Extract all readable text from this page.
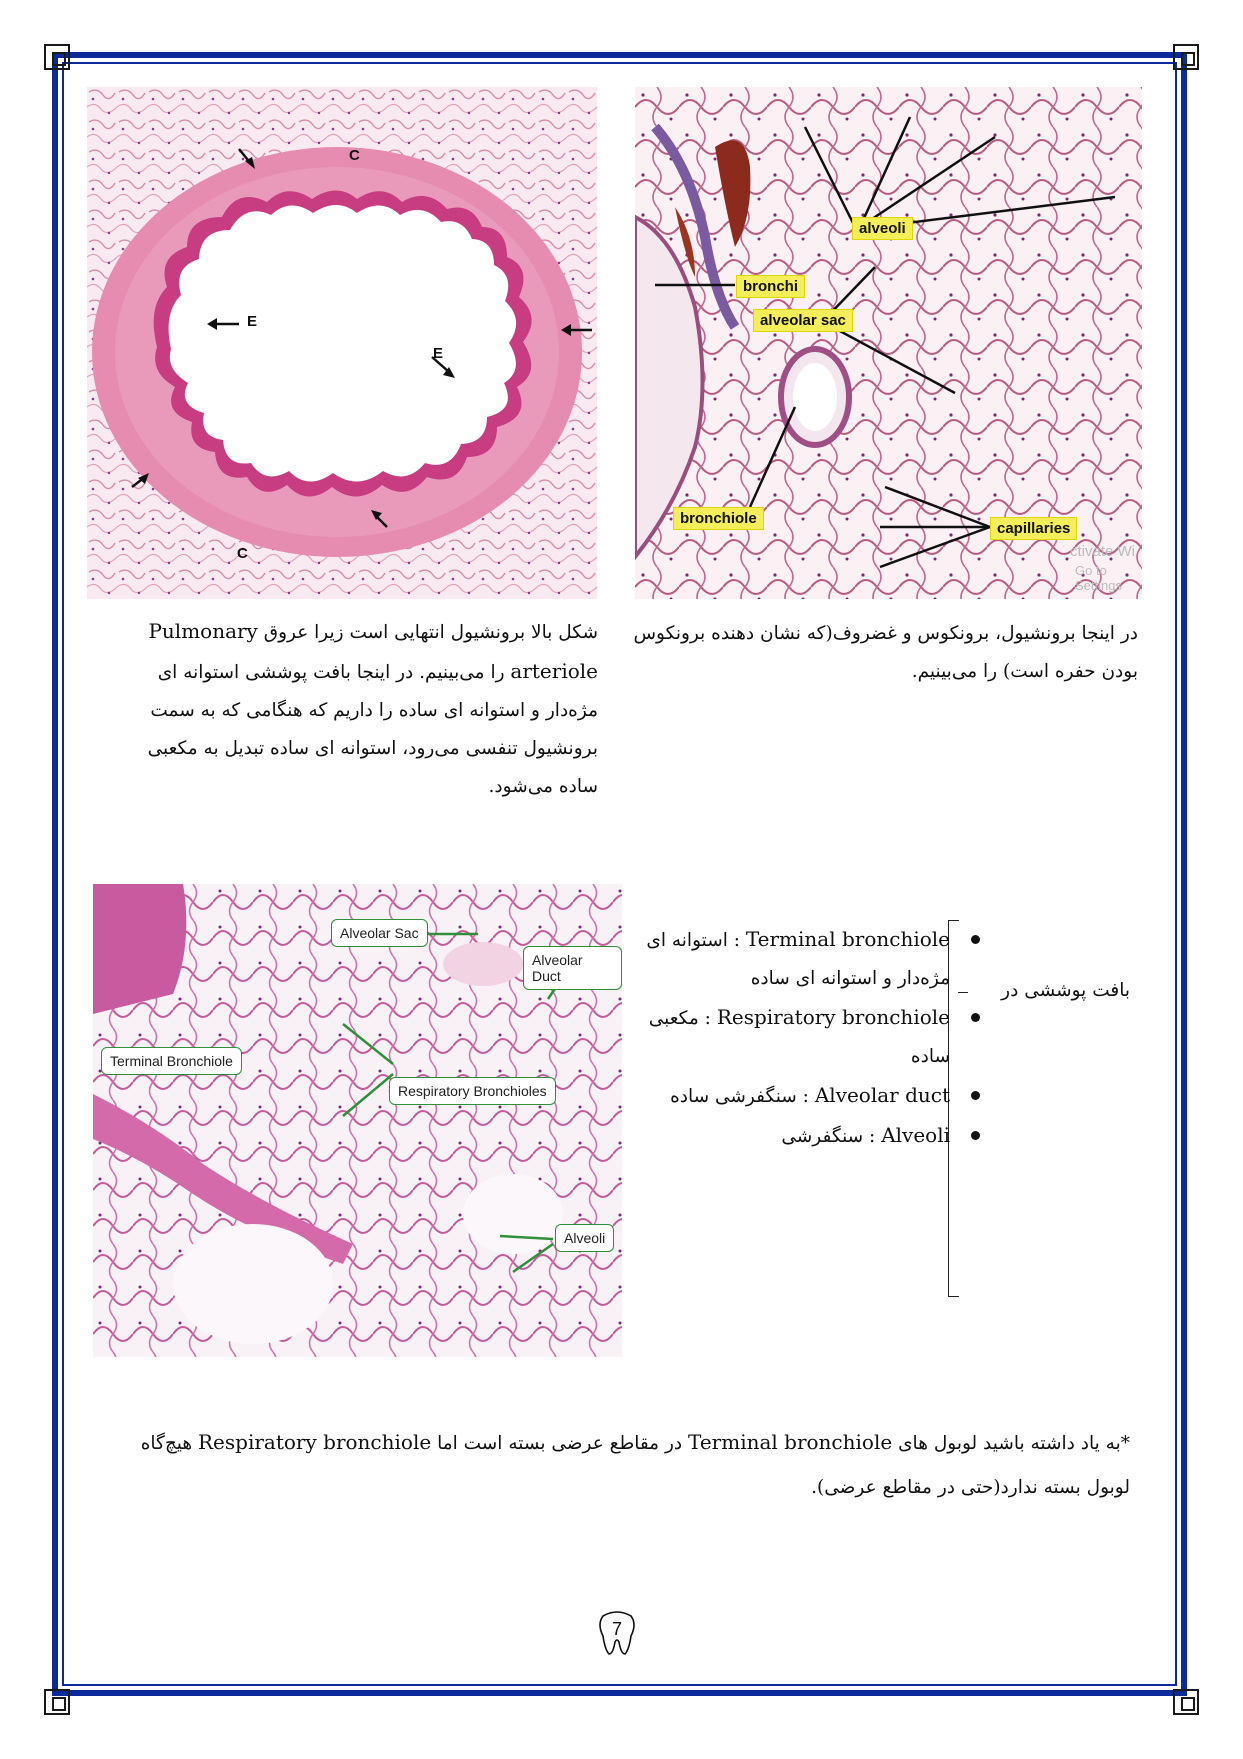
C
E
E
C
alveoli
bronchi
alveolar sac
bronchiole
capillaries
ctivate Wi
Go to Settings
در اینجا برونشیول، برونکوس و غضروف(که نشان دهنده برونکوس بودن حفره است) را می‌بینیم.
شکل بالا برونشیول انتهایی است زیرا عروق Pulmonary arteriole را می‌بینیم. در اینجا بافت پوششی استوانه ای مژه‌دار و استوانه ای ساده را داریم که هنگامی که به سمت برونشیول تنفسی می‌رود، استوانه ای ساده تبدیل به مکعبی ساده می‌شود.
Alveolar Sac
Alveolar Duct
Terminal Bronchiole
Respiratory Bronchioles
Alveoli
بافت پوششی در
Terminal bronchiole : استوانه ای مژه‌دار و استوانه ای ساده
Respiratory bronchiole : مکعبی ساده
Alveolar duct : سنگفرشی ساده
Alveoli : سنگفرشی
*به یاد داشته باشید لوبول های Terminal bronchiole در مقاطع عرضی بسته است اما Respiratory bronchiole هیچ‌گاه لوبول بسته ندارد(حتی در مقاطع عرضی).
7
